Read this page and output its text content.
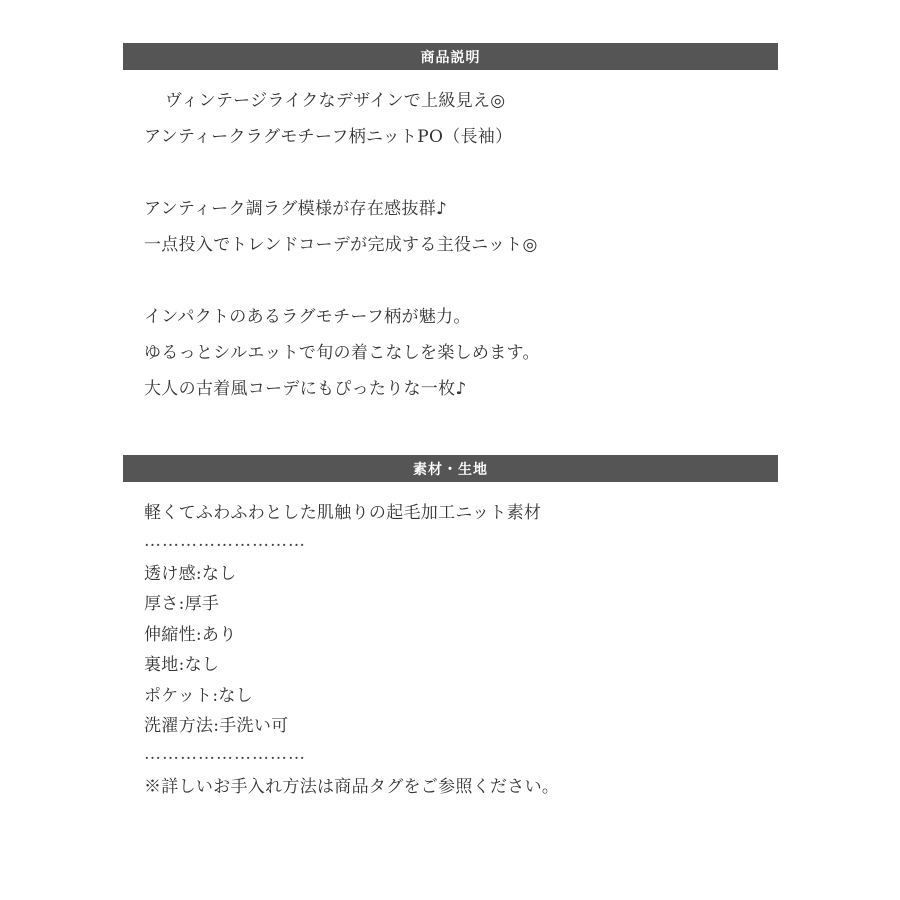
商品説明
ヴィンテージライクなデザインで上級見え◎
アンティークラグモチーフ柄ニットPO（長袖）
アンティーク調ラグ模様が存在感抜群♪
一点投入でトレンドコーデが完成する主役ニット◎
インパクトのあるラグモチーフ柄が魅力。
ゆるっとシルエットで旬の着こなしを楽しめます。
大人の古着風コーデにもぴったりな一枚♪
素材・生地
軽くてふわふわとした肌触りの起毛加工ニット素材
………………………
透け感:なし
厚さ:厚手
伸縮性:あり
裏地:なし
ポケット:なし
洗濯方法:手洗い可
………………………
※詳しいお手入れ方法は商品タグをご参照ください。
